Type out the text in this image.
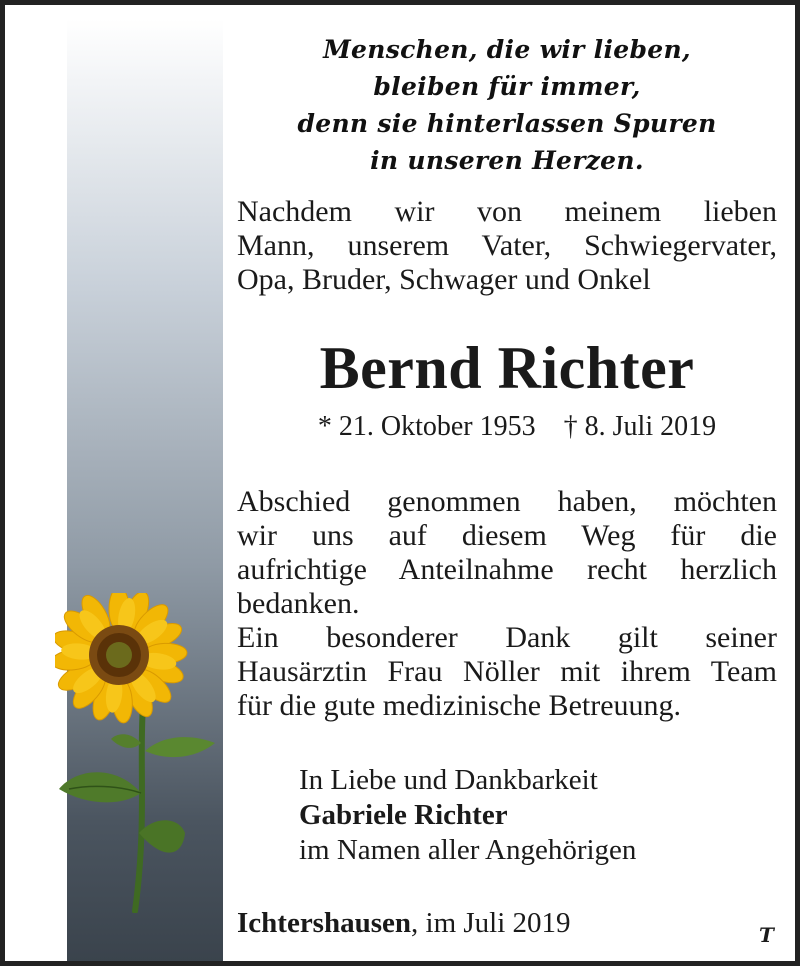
Menschen, die wir lieben,
bleiben für immer,
denn sie hinterlassen Spuren
in unseren Herzen.

Nachdem wir von meinem lieben
Mann, unserem Vater, Schwiegervater,
Opa, Bruder, Schwager und Onkel

Bernd Richter
* 21. Oktober 1953 † 8. Juli 2019

Abschied genommen haben, möchten
wir uns auf diesem Weg für die
aufrichtige Anteilnahme recht herzlich
bedanken.
Ein besonderer Dank gilt seiner
Hausärztin Frau Nöller mit ihrem Team
für die gute medizinische Betreuung.

In Liebe und Dankbarkeit
Gabriele Richter
im Namen aller Angehörigen
Ichtershausen, im Juli 2019	T
